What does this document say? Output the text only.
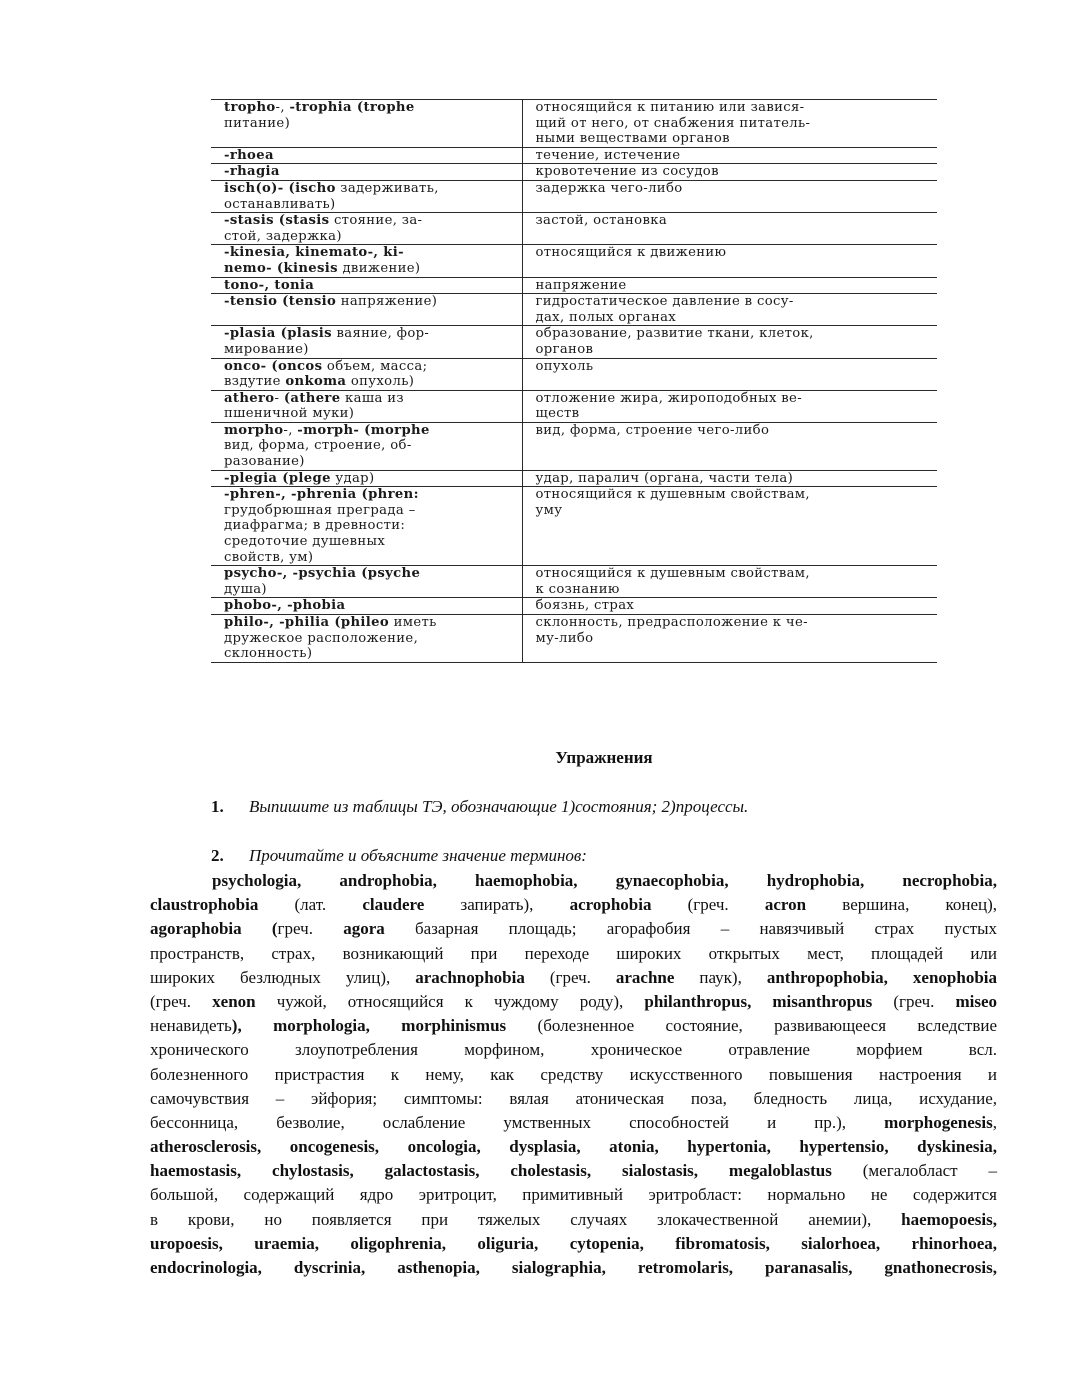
tropho-, -trophia (trophe
питание)	относящийся к питанию или завися-
щий от него, от снабжения питатель-
ными веществами органов
-rhoea	течение, истечение
-rhagia	кровотечение из сосудов
isch(o)- (ischo задерживать,
останавливать)	задержка чего-либо
-stasis (stasis стояние, за-
стой, задержка)	застой, остановка
-kinesia, kinemato-, ki-
nemo- (kinesis движение)	относящийся к движению
tono-, tonia	напряжение
-tensio (tensio напряжение)	гидростатическое давление в сосу-
дах, полых органах
-plasia (plasis ваяние, фор-
мирование)	образование, развитие ткани, клеток,
органов
onco- (oncos объем, масса;
вздутие onkoma опухоль)	опухоль
athero- (athere каша из
пшеничной муки)	отложение жира, жироподобных ве-
ществ
morpho-, -morph- (morphe
вид, форма, строение, об-
разование)	вид, форма, строение чего-либо
-plegia (plege удар)	удар, паралич (органа, части тела)
-phren-, -phrenia (phren:
грудобрюшная преграда –
диафрагма; в древности:
средоточие душевных
свойств, ум)	относящийся к душевным свойствам,
уму
psycho-, -psychia (psyche
душа)	относящийся к душевным свойствам,
к сознанию
phobo-, -phobia	боязнь, страх
philo-, -philia (phileo иметь
дружеское расположение,
склонность)	склонность, предрасположение к че-
му-либо
Упражнения
1. Выпишите из таблицы ТЭ, обозначающие 1)состояния; 2)процессы.
2. Прочитайте и объясните значение терминов:
psychologia, androphobia, haemophobia, gynaecophobia, hydrophobia, necrophobia,
claustrophobia (лат. claudere запирать), acrophobia (греч. acron вершина, конец),
agoraphobia (греч. agora базарная площадь; агорафобия – навязчивый страх пустых
пространств, страх, возникающий при переходе широких открытых мест, площадей или
широких безлюдных улиц), arachnophobia (греч. arachne паук), anthropophobia, xenophobia
(греч. xenon чужой, относящийся к чуждому роду), philanthropus, misanthropus (греч. miseo
ненавидеть), morphologia, morphinismus (болезненное состояние, развивающееся вследствие
хронического злоупотребления морфином, хроническое отравление морфием всл.
болезненного пристрастия к нему, как средству искусственного повышения настроения и
самочувствия – эйфория; симптомы: вялая атоническая поза, бледность лица, исхудание,
бессонница, безволие, ослабление умственных способностей и пр.), morphogenesis,
atherosclerosis, oncogenesis, oncologia, dysplasia, atonia, hypertonia, hypertensio, dyskinesia,
haemostasis, chylostasis, galactostasis, cholestasis, sialostasis, megaloblastus (мегалобласт –
большой, содержащий ядро эритроцит, примитивный эритробласт: нормально не содержится
в крови, но появляется при тяжелых случаях злокачественной анемии), haemopoesis,
uropoesis, uraemia, oligophrenia, oliguria, cytopenia, fibromatosis, sialorhoea, rhinorhoea,
endocrinologia, dyscrinia, asthenopia, sialographia, retromolaris, paranasalis, gnathonecrosis,
